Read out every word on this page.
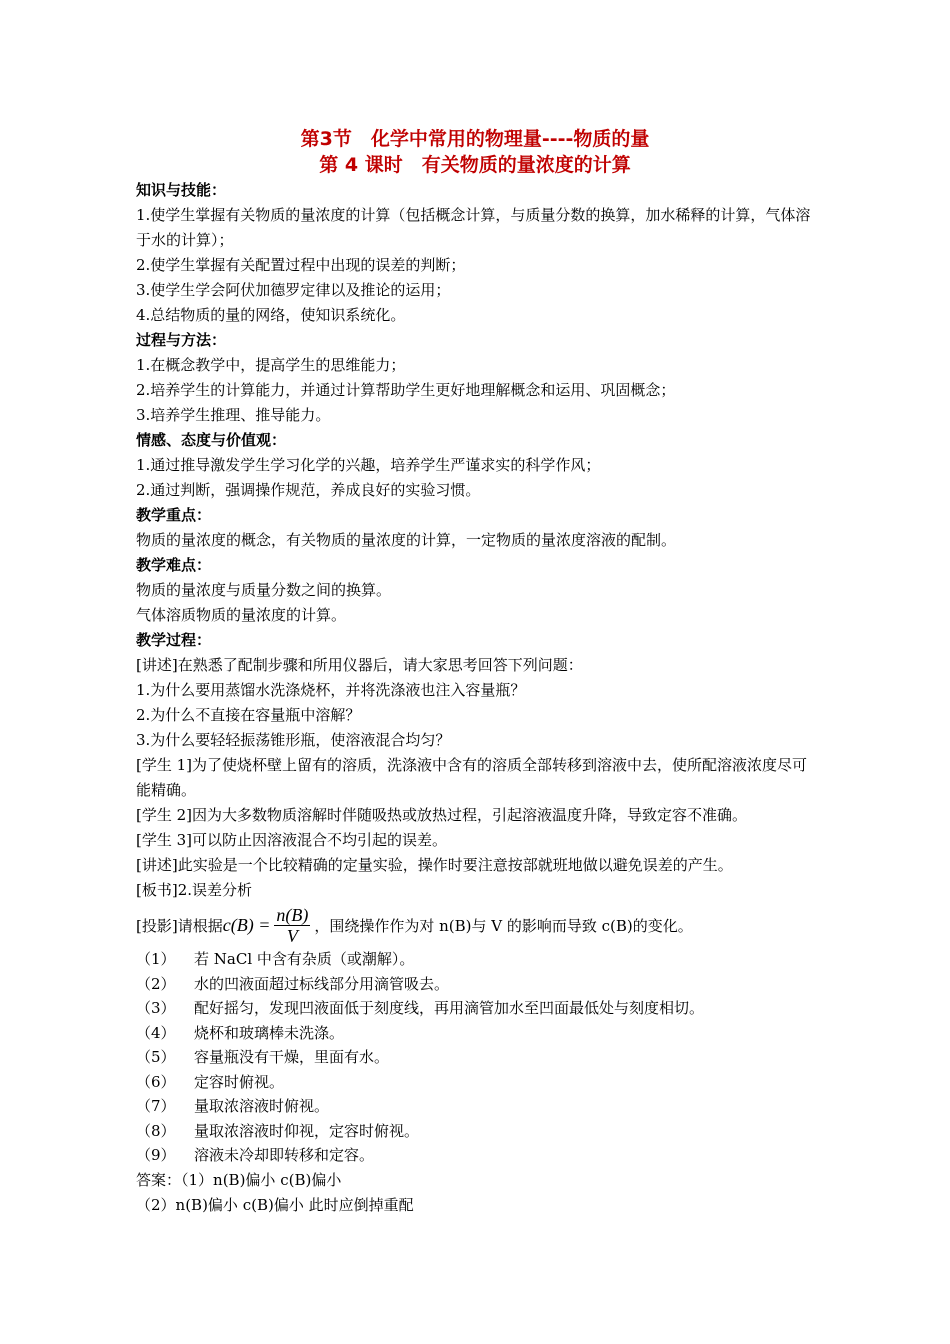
第3节　化学中常用的物理量----物质的量
第 4 课时　有关物质的量浓度的计算
知识与技能：
1.使学生掌握有关物质的量浓度的计算（包括概念计算，与质量分数的换算，加水稀释的计算，气体溶于水的计算）；
2.使学生掌握有关配置过程中出现的误差的判断；
3.使学生学会阿伏加德罗定律以及推论的运用；
4.总结物质的量的网络，使知识系统化。
过程与方法：
1.在概念教学中，提高学生的思维能力；
2.培养学生的计算能力，并通过计算帮助学生更好地理解概念和运用、巩固概念；
3.培养学生推理、推导能力。
情感、态度与价值观：
1.通过推导激发学生学习化学的兴趣，培养学生严谨求实的科学作风；
2.通过判断，强调操作规范，养成良好的实验习惯。
教学重点：
物质的量浓度的概念，有关物质的量浓度的计算，一定物质的量浓度溶液的配制。
教学难点：
物质的量浓度与质量分数之间的换算。
气体溶质物质的量浓度的计算。
教学过程：
[讲述]在熟悉了配制步骤和所用仪器后，请大家思考回答下列问题：
1.为什么要用蒸馏水洗涤烧杯，并将洗涤液也注入容量瓶？
2.为什么不直接在容量瓶中溶解？
3.为什么要轻轻振荡锥形瓶，使溶液混合均匀？
[学生 1]为了使烧杯壁上留有的溶质，洗涤液中含有的溶质全部转移到溶液中去，使所配溶液浓度尽可能精确。
[学生 2]因为大多数物质溶解时伴随吸热或放热过程，引起溶液温度升降，导致定容不准确。
[学生 3]可以防止因溶液混合不均引起的误差。
[讲述]此实验是一个比较精确的定量实验，操作时要注意按部就班地做以避免误差的产生。
[板书]2.误差分析
[投影]请根据 $c(B) = \frac{n(B)}{V}$ ，围绕操作作为对 n(B)与 V 的影响而导致 c(B)的变化。
（1）	若 NaCl 中含有杂质（或潮解）。
（2）	水的凹液面超过标线部分用滴管吸去。
（3）	配好摇匀，发现凹液面低于刻度线，再用滴管加水至凹面最低处与刻度相切。
（4）	烧杯和玻璃棒未洗涤。
（5）	容量瓶没有干燥，里面有水。
（6）	定容时俯视。
（7）	量取浓溶液时俯视。
（8）	量取浓溶液时仰视，定容时俯视。
（9）	溶液未冷却即转移和定容。
答案：（1）n(B)偏小 c(B)偏小
（2）n(B)偏小 c(B)偏小 此时应倒掉重配
